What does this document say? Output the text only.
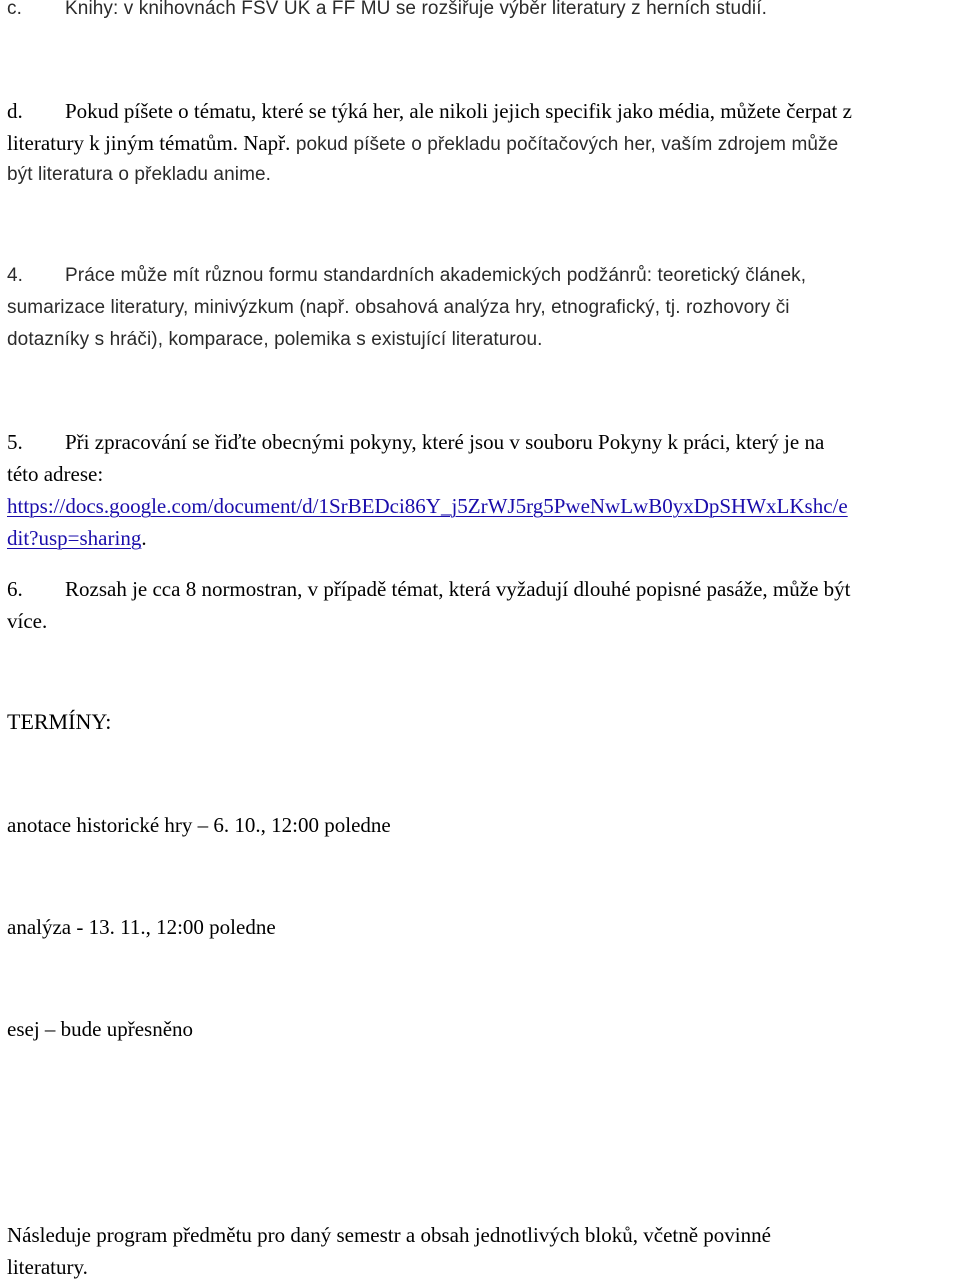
c. Knihy: v knihovnách FSV UK a FF MU se rozšiřuje výběr literatury z herních studií.
d. Pokud píšete o tématu, které se týká her, ale nikoli jejich specifik jako média, můžete čerpat z
literatury k jiným tématům. Např. pokud píšete o překladu počítačových her, vaším zdrojem může
být literatura o překladu anime.
4. Práce může mít různou formu standardních akademických podžánrů: teoretický článek,
sumarizace literatury, minivýzkum (např. obsahová analýza hry, etnografický, tj. rozhovory či
dotazníky s hráči), komparace, polemika s existující literaturou.
5. Při zpracování se řiďte obecnými pokyny, které jsou v souboru Pokyny k práci, který je na
této adrese:
https://docs.google.com/document/d/1SrBEDci86Y_j5ZrWJ5rg5PweNwLwB0yxDpSHWxLKshc/e
dit?usp=sharing.
6. Rozsah je cca 8 normostran, v případě témat, která vyžadují dlouhé popisné pasáže, může být
více.
TERMÍNY:
anotace historické hry – 6. 10., 12:00 poledne
analýza - 13. 11., 12:00 poledne
esej – bude upřesněno
Následuje program předmětu pro daný semestr a obsah jednotlivých bloků, včetně povinné
literatury.
